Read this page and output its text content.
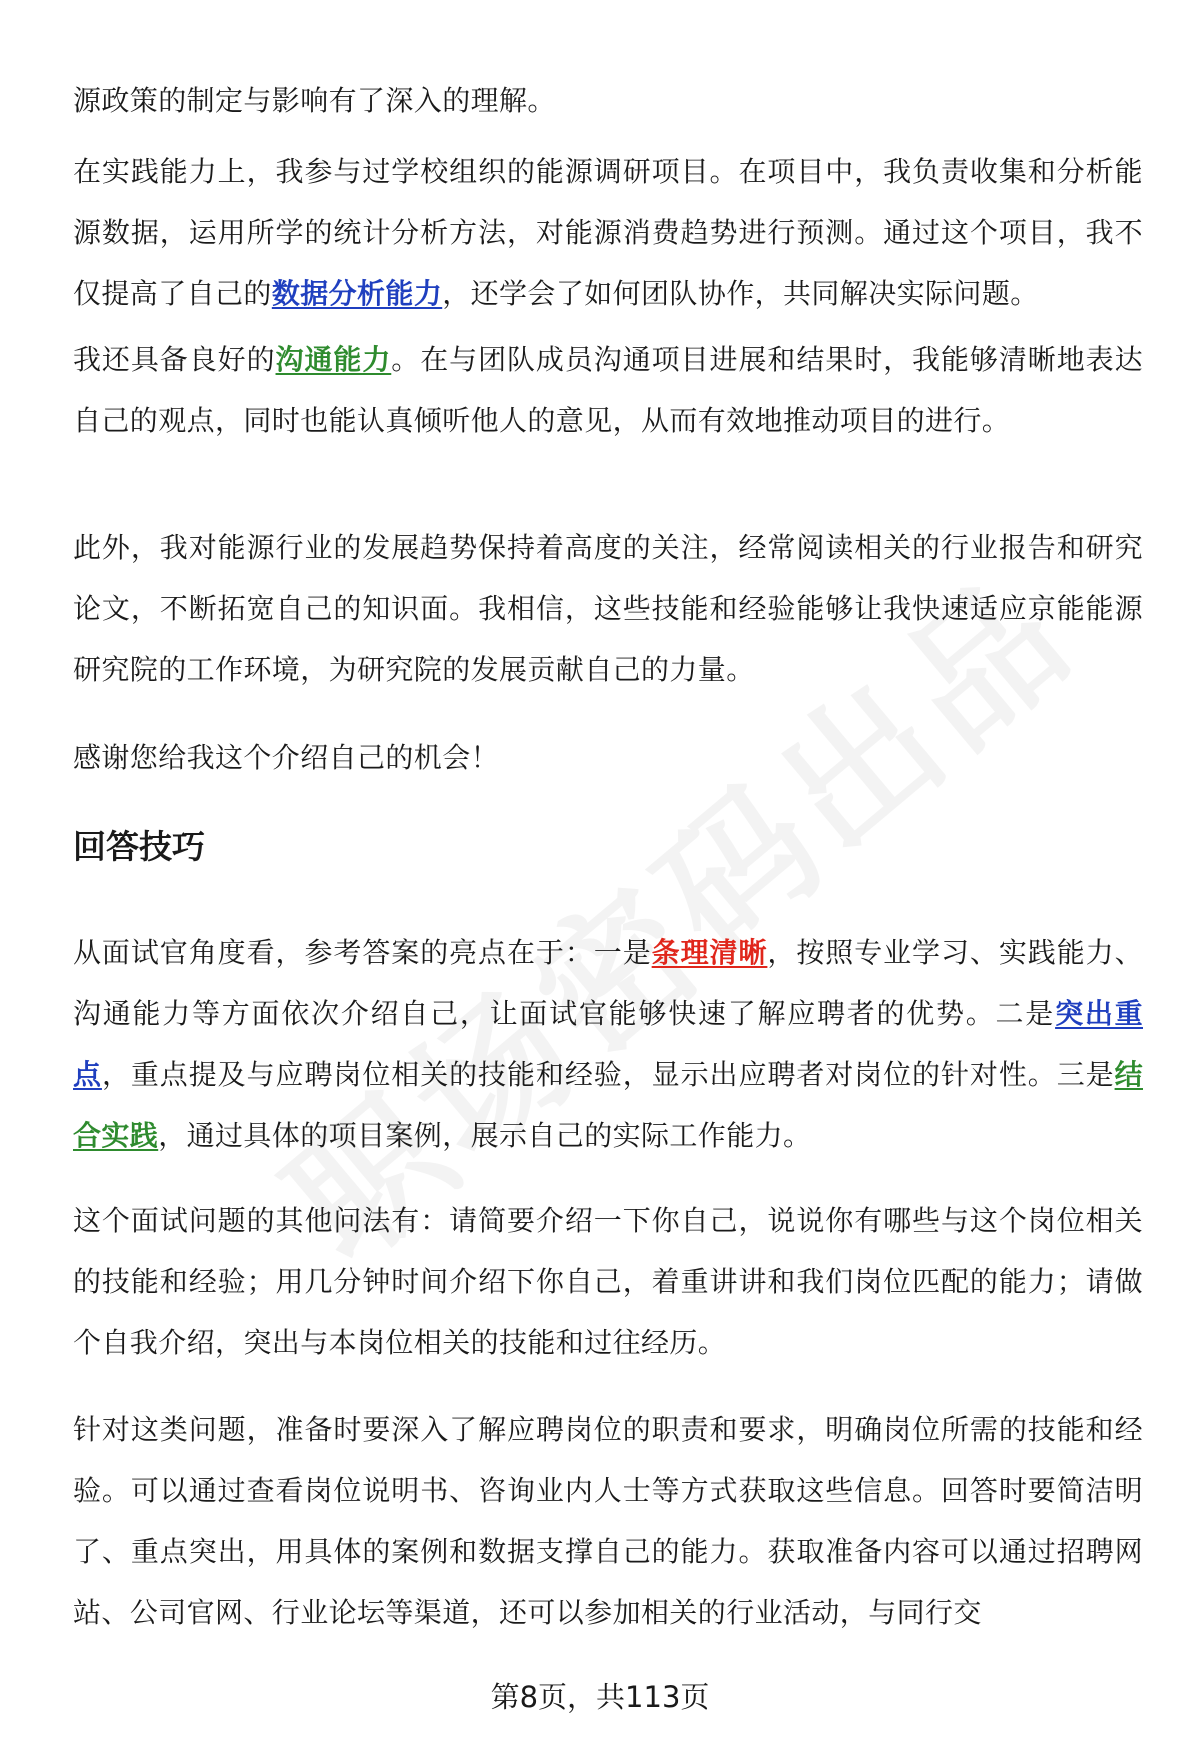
源政策的制定与影响有了深入的理解。

在实践能力上，我参与过学校组织的能源调研项目。在项目中，我负责收集和分析能源数据，运用所学的统计分析方法，对能源消费趋势进行预测。通过这个项目，我不仅提高了自己的数据分析能力，还学会了如何团队协作，共同解决实际问题。

我还具备良好的沟通能力。在与团队成员沟通项目进展和结果时，我能够清晰地表达自己的观点，同时也能认真倾听他人的意见，从而有效地推动项目的进行。

此外，我对能源行业的发展趋势保持着高度的关注，经常阅读相关的行业报告和研究论文，不断拓宽自己的知识面。我相信，这些技能和经验能够让我快速适应京能能源研究院的工作环境，为研究院的发展贡献自己的力量。

感谢您给我这个介绍自己的机会！

回答技巧

从面试官角度看，参考答案的亮点在于：一是条理清晰，按照专业学习、实践能力、沟通能力等方面依次介绍自己，让面试官能够快速了解应聘者的优势。二是突出重点，重点提及与应聘岗位相关的技能和经验，显示出应聘者对岗位的针对性。三是结合实践，通过具体的项目案例，展示自己的实际工作能力。

这个面试问题的其他问法有：请简要介绍一下你自己，说说你有哪些与这个岗位相关的技能和经验；用几分钟时间介绍下你自己，着重讲讲和我们岗位匹配的能力；请做个自我介绍，突出与本岗位相关的技能和过往经历。

针对这类问题，准备时要深入了解应聘岗位的职责和要求，明确岗位所需的技能和经验。可以通过查看岗位说明书、咨询业内人士等方式获取这些信息。回答时要简洁明了、重点突出，用具体的案例和数据支撑自己的能力。获取准备内容可以通过招聘网站、公司官网、行业论坛等渠道，还可以参加相关的行业活动，与同行交

第8页，共113页
